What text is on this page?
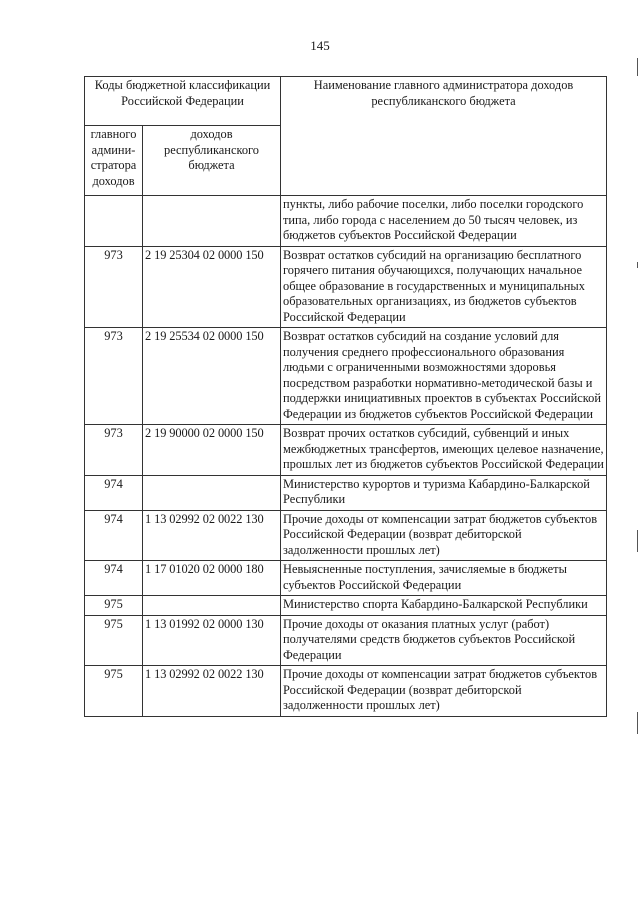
145
Коды бюджетной классификации Российской Федерации		Наименование главного администратора доходов республиканского бюджета
главного админи-стратора доходов	доходов республиканского бюджета	
		пункты, либо рабочие поселки, либо поселки городского типа, либо города с населением до 50 тысяч человек, из бюджетов субъектов Российской Федерации
973	2 19 25304 02 0000 150	Возврат остатков субсидий на организацию бесплатного горячего питания обучающихся, получающих начальное общее образование в государственных и муниципальных образовательных организациях, из бюджетов субъектов Российской Федерации
973	2 19 25534 02 0000 150	Возврат остатков субсидий на создание условий для получения среднего профессионального образования людьми с ограниченными возможностями здоровья посредством разработки нормативно-методической базы и поддержки инициативных проектов в субъектах Российской Федерации из бюджетов субъектов Российской Федерации
973	2 19 90000 02 0000 150	Возврат прочих остатков субсидий, субвенций и иных межбюджетных трансфертов, имеющих целевое назначение, прошлых лет из бюджетов субъектов Российской Федерации
974		Министерство курортов и туризма Кабардино-Балкарской Республики
974	1 13 02992 02 0022 130	Прочие доходы от компенсации затрат бюджетов субъектов Российской Федерации (возврат дебиторской задолженности прошлых лет)
974	1 17 01020 02 0000 180	Невыясненные поступления, зачисляемые в бюджеты субъектов Российской Федерации
975		Министерство спорта Кабардино-Балкарской Республики
975	1 13 01992 02 0000 130	Прочие доходы от оказания платных услуг (работ) получателями средств бюджетов субъектов Российской Федерации
975	1 13 02992 02 0022 130	Прочие доходы от компенсации затрат бюджетов субъектов Российской Федерации (возврат дебиторской задолженности прошлых лет)
